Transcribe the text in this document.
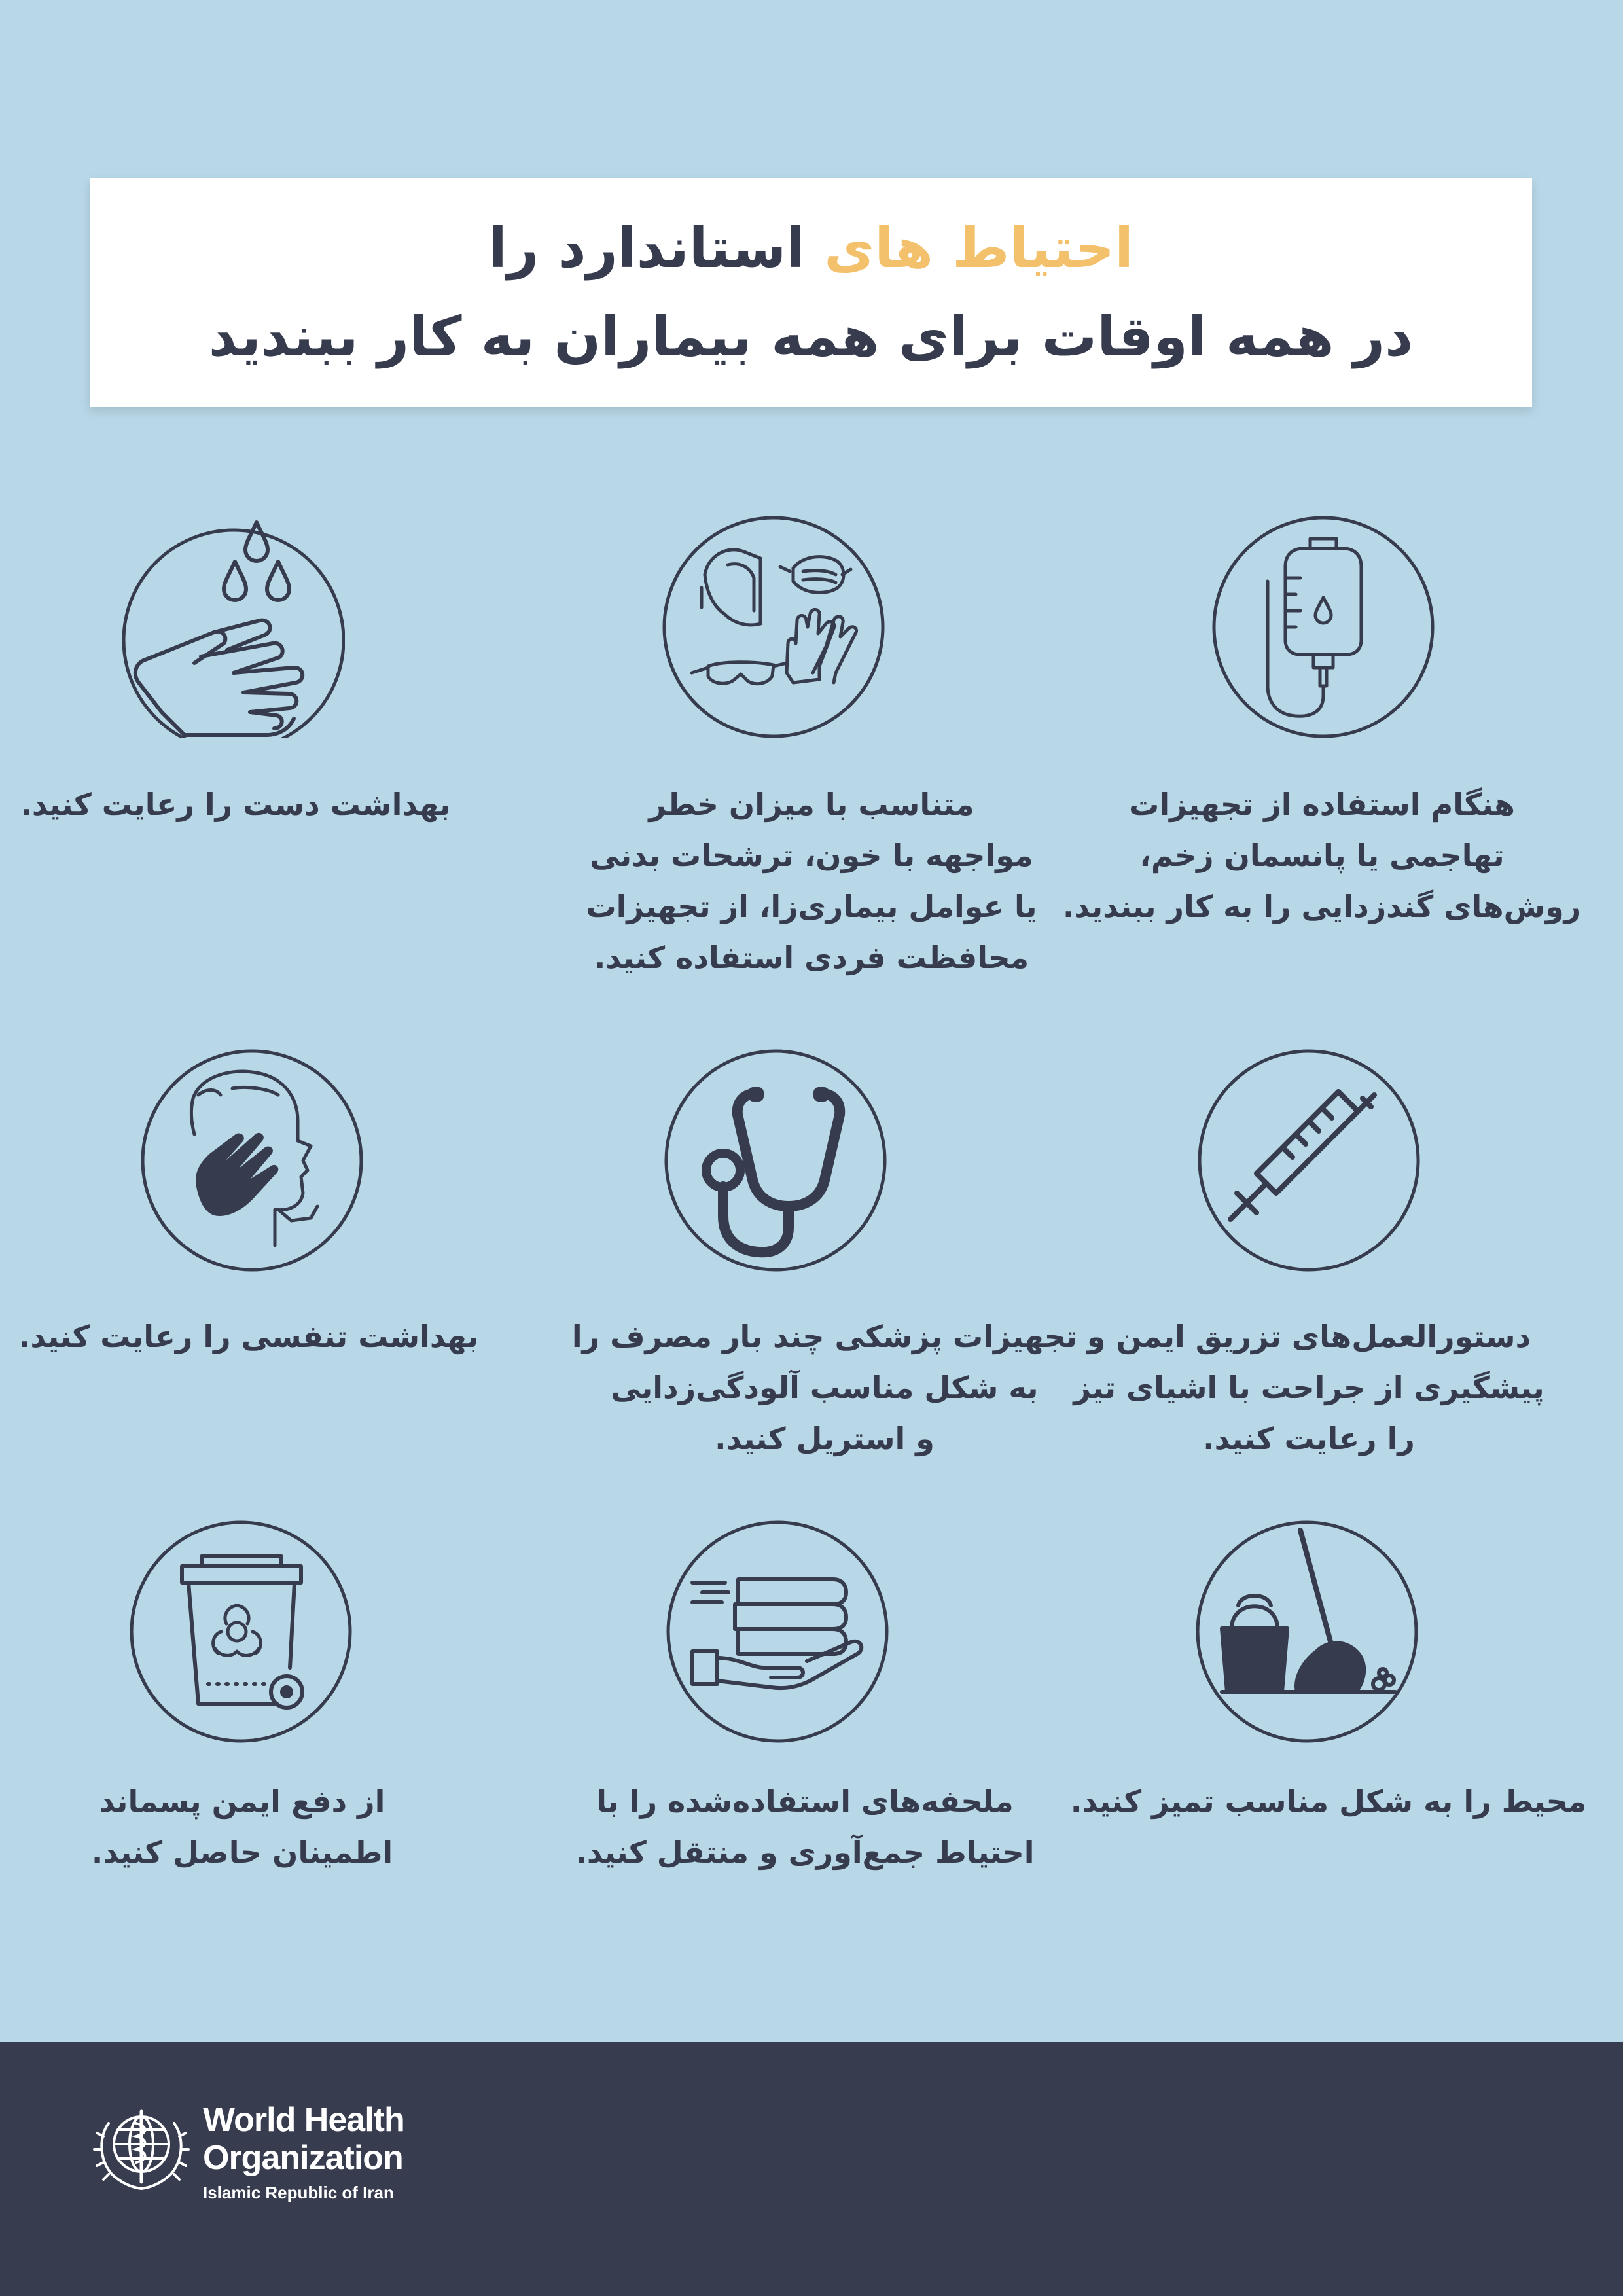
احتیاط های استاندارد را
در همه اوقات برای همه بیماران به کار ببندید
بهداشت دست را رعایت کنید.	متناسب با میزان خطر
مواجهه با خون، ترشحات بدنی
یا عوامل بیماری‌زا، از تجهیزات
محافظت فردی استفاده کنید.
هنگام استفاده از تجهیزات
تهاجمی یا پانسمان زخم،
روش‌های گندزدایی را به کار ببندید.
بهداشت تنفسی را رعایت کنید.	تجهیزات پزشکی چند بار مصرف را
به شکل مناسب آلودگی‌زدایی
و استریل کنید.
دستورالعمل‌های تزریق ایمن و
پیشگیری از جراحت با اشیای تیز
را رعایت کنید.
از دفع ایمن پسماند
اطمینان حاصل کنید.
ملحفه‌های استفاده‌شده را با
احتیاط جمع‌آوری و منتقل کنید.
محیط را به شکل مناسب تمیز کنید.
World Health
Organization
Islamic Republic of Iran
